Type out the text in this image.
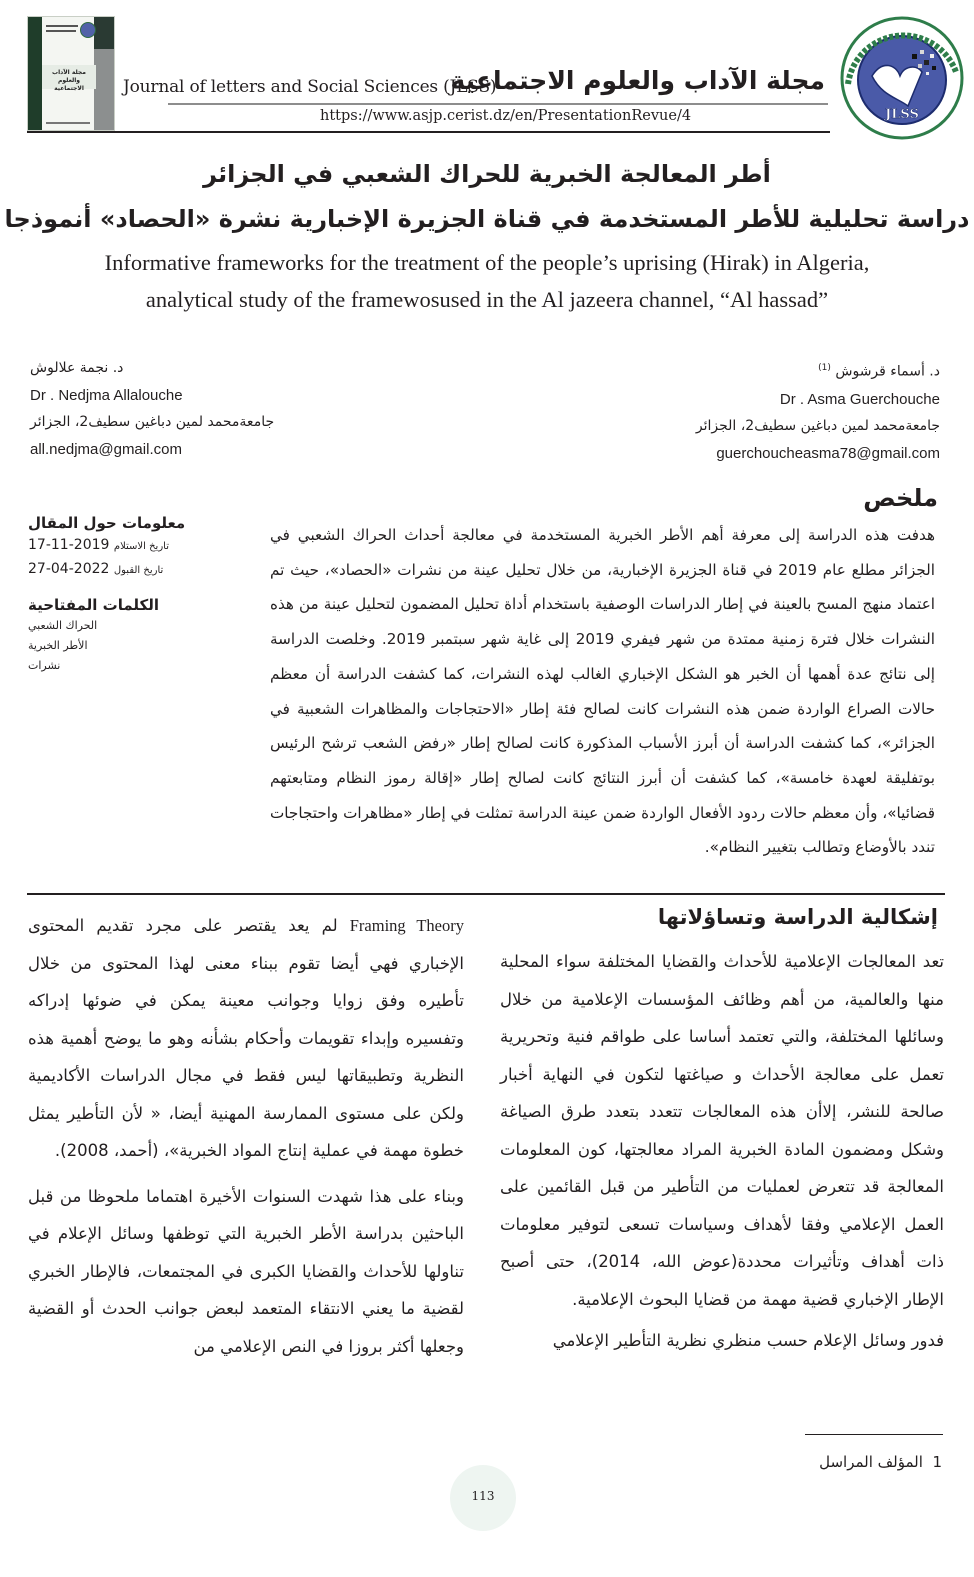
مجلة الآداب والعلوم الاجتماعية	Journal of letters and Social Sciences (JLSS)
مجلة الآداب والعلوم الاجتماعية
https://www.asjp.cerist.dz/en/PresentationRevue/4	JLSS
أطر المعالجة الخبرية للحراك الشعبي في الجزائر
دراسة تحليلية للأطر المستخدمة في قناة الجزيرة الإخبارية نشرة «الحصاد» أنموذجا
Informative frameworks for the treatment of the people’s uprising (Hirak) in Algeria,
analytical study of the framewosused in the Al jazeera channel, “Al hassad”
د. أسماء قرشوش $^{(1)}$
Dr . Asma Guerchouche
جامعةمحمد لمين دباغين سطيف2، الجزائر
guerchoucheasma78@gmail.com
د. نجمة علالوش
Dr . Nedjma Allalouche
جامعةمحمد لمين دباغين سطيف2، الجزائر
all.nedjma@gmail.com
معلومات حول المقال
تاريخ الاستلام 2019-11-17
تاريخ القبول 2022-04-27
الكلمات المفتاحية
الحراك الشعبي
الأطر الخبرية
نشرات
ملخص
هدفت هذه الدراسة إلى معرفة أهم الأطر الخبرية المستخدمة في معالجة أحداث الحراك الشعبي في الجزائر مطلع عام 2019 في قناة الجزيرة الإخبارية، من خلال تحليل عينة من نشرات «الحصاد»، حيث تم اعتماد منهج المسح بالعينة في إطار الدراسات الوصفية باستخدام أداة تحليل المضمون لتحليل عينة من هذه النشرات خلال فترة زمنية ممتدة من شهر فيفري 2019 إلى غاية شهر سبتمبر 2019. وخلصت الدراسة إلى نتائج عدة أهمها أن الخبر هو الشكل الإخباري الغالب لهذه النشرات، كما كشفت الدراسة أن معظم حالات الصراع الواردة ضمن هذه النشرات كانت لصالح فئة إطار «الاحتجاجات والمظاهرات الشعبية في الجزائر»، كما كشفت الدراسة أن أبرز الأسباب المذكورة كانت لصالح إطار «رفض الشعب ترشح الرئيس بوتفليقة لعهدة خامسة»، كما كشفت أن أبرز النتائج كانت لصالح إطار «إقالة رموز النظام ومتابعتهم قضائيا»، وأن معظم حالات ردود الأفعال الواردة ضمن عينة الدراسة تمثلت في إطار «مظاهرات واحتجاجات تندد بالأوضاع وتطالب بتغيير النظام».
إشكالية الدراسة وتساؤلاتها

تعد المعالجات الإعلامية للأحداث والقضايا المختلفة سواء المحلية منها والعالمية، من أهم وظائف المؤسسات الإعلامية من خلال وسائلها المختلفة، والتي تعتمد أساسا على طواقم فنية وتحريرية تعمل على معالجة الأحداث و صياغتها لتكون في النهاية أخبار صالحة للنشر، إلاأن هذه المعالجات تتعدد بتعدد طرق الصياغة وشكل ومضمون المادة الخبرية المراد معالجتها، كون المعلومات المعالجة قد تتعرض لعمليات من التأطير من قبل القائمين على العمل الإعلامي وفقا لأهداف وسياسات تسعى لتوفير معلومات ذات أهداف وتأثيرات محددة(عوض الله، 2014)، حتى أصبح الإطار الإخباري قضية مهمة من قضايا البحوث الإعلامية.

فدور وسائل الإعلام حسب منظري نظرية التأطير الإعلامي

Framing Theory لم يعد يقتصر على مجرد تقديم المحتوى الإخباري فهي أيضا تقوم ببناء معنى لهذا المحتوى من خلال تأطيره وفق زوايا وجوانب معينة يمكن في ضوئها إدراكه وتفسيره وإبداء تقويمات وأحكام بشأنه وهو ما يوضح أهمية هذه النظرية وتطبيقاتها ليس فقط في مجال الدراسات الأكاديمية ولكن على مستوى الممارسة المهنية أيضا، « لأن التأطير يمثل خطوة مهمة في عملية إنتاج المواد الخبرية»، (أحمد، 2008).

وبناء على هذا شهدت السنوات الأخيرة اهتماما ملحوظا من قبل الباحثين بدراسة الأطر الخبرية التي توظفها وسائل الإعلام في تناولها للأحداث والقضايا الكبرى في المجتمعات، فالإطار الخبري لقضية ما يعني الانتقاء المتعمد لبعض جوانب الحدث أو القضية وجعلها أكثر بروزا في النص الإعلامي من

1  المؤلف المراسل
113
